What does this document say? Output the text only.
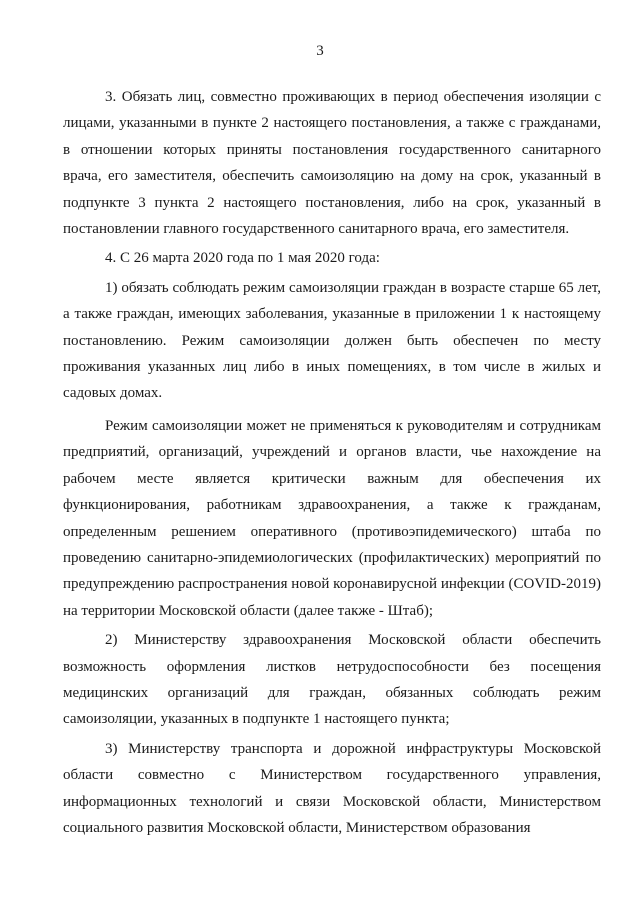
3

3. Обязать лиц, совместно проживающих в период обеспечения изоляции с лицами, указанными в пункте 2 настоящего постановления, а также с гражданами, в отношении которых приняты постановления государственного санитарного врача, его заместителя, обеспечить самоизоляцию на дому на срок, указанный в подпункте 3 пункта 2 настоящего постановления, либо на срок, указанный в постановлении главного государственного санитарного врача, его заместителя.

4. С 26 марта 2020 года по 1 мая 2020 года:

1) обязать соблюдать режим самоизоляции граждан в возрасте старше 65 лет, а также граждан, имеющих заболевания, указанные в приложении 1 к настоящему постановлению. Режим самоизоляции должен быть обеспечен по месту проживания указанных лиц либо в иных помещениях, в том числе в жилых и садовых домах.

Режим самоизоляции может не применяться к руководителям и сотрудникам предприятий, организаций, учреждений и органов власти, чье нахождение на рабочем месте является критически важным для обеспечения их функционирования, работникам здравоохранения, а также к гражданам, определенным решением оперативного (противоэпидемического) штаба по проведению санитарно-эпидемиологических (профилактических) мероприятий по предупреждению распространения новой коронавирусной инфекции (COVID-2019) на территории Московской области (далее также - Штаб);

2) Министерству здравоохранения Московской области обеспечить возможность оформления листков нетрудоспособности без посещения медицинских организаций для граждан, обязанных соблюдать режим самоизоляции, указанных в подпункте 1 настоящего пункта;

3) Министерству транспорта и дорожной инфраструктуры Московской области совместно с Министерством государственного управления, информационных технологий и связи Московской области, Министерством социального развития Московской области, Министерством образования
